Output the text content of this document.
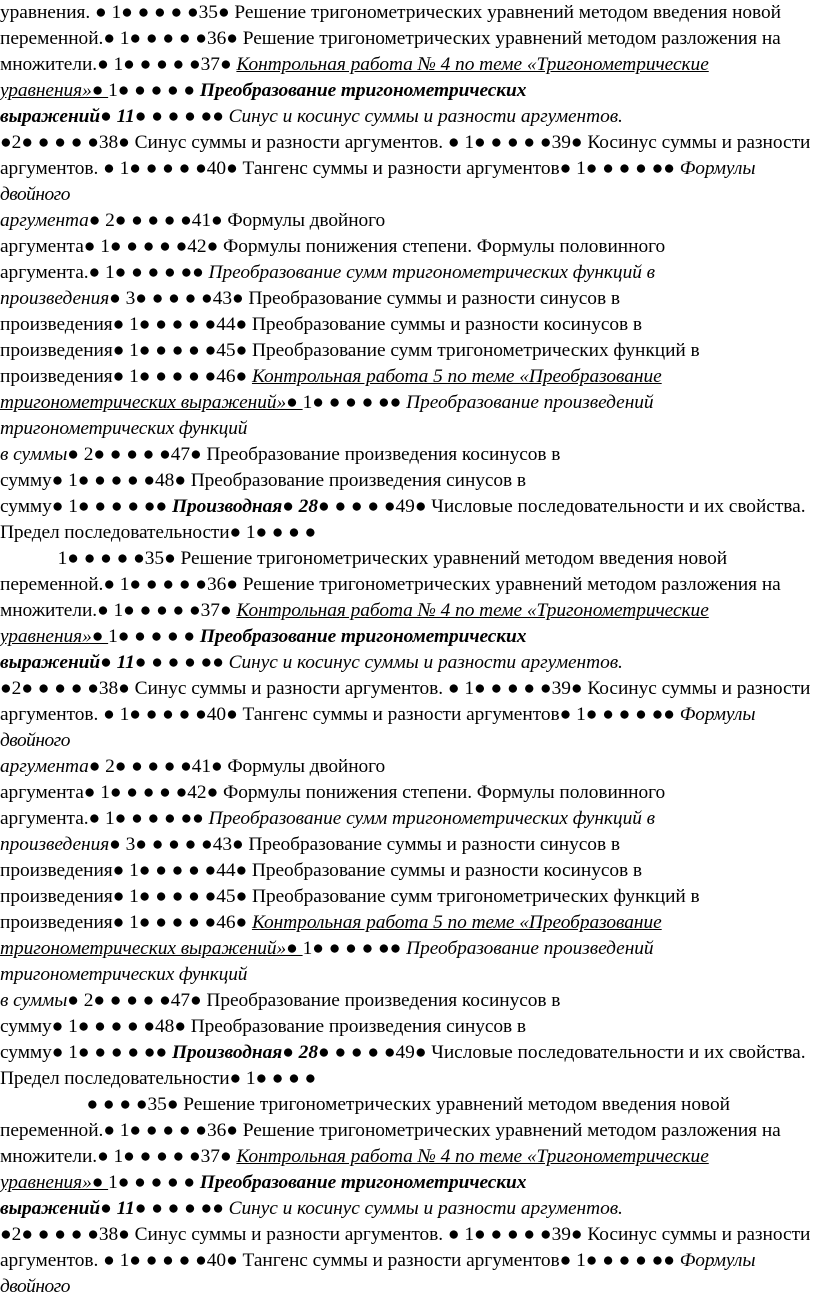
уравнения. ● 1● ● ● ● ●35● Решение тригонометрических уравнений методом введения новой
переменной.● 1● ● ● ● ●36● Решение тригонометрических уравнений методом разложения на
множители.● 1● ● ● ● ●37● Контрольная работа № 4 по теме «Тригонометрические
уравнения»● 1● ● ● ● ● Преобразование тригонометрических
выражений● 11● ● ● ● ●● Синус и косинус суммы и разности аргументов.
●2● ● ● ● ●38● Синус суммы и разности аргументов. ● 1● ● ● ● ●39● Косинус суммы и разности
аргументов. ● 1● ● ● ● ●40● Тангенс суммы и разности аргументов● 1● ● ● ● ●● Формулы
двойного
аргумента● 2● ● ● ● ●41● Формулы двойного
аргумента● 1● ● ● ● ●42● Формулы понижения степени. Формулы половинного
аргумента.● 1● ● ● ● ●● Преобразование сумм тригонометрических функций в
произведения● 3● ● ● ● ●43● Преобразование суммы и разности синусов в
произведения● 1● ● ● ● ●44● Преобразование суммы и разности косинусов в
произведения● 1● ● ● ● ●45● Преобразование сумм тригонометрических функций в
произведения● 1● ● ● ● ●46● Контрольная работа 5 по теме «Преобразование
тригонометрических выражений»● 1● ● ● ● ●● Преобразование произведений
тригонометрических функций
в суммы● 2● ● ● ● ●47● Преобразование произведения косинусов в
сумму● 1● ● ● ● ●48● Преобразование произведения синусов в
сумму● 1● ● ● ● ●● Производная● 28● ● ● ● ●49● Числовые последовательности и их свойства.
Предел последовательности● 1● ● ● ●
1● ● ● ● ●35● Решение тригонометрических уравнений методом введения новой
переменной.● 1● ● ● ● ●36● Решение тригонометрических уравнений методом разложения на
множители.● 1● ● ● ● ●37● Контрольная работа № 4 по теме «Тригонометрические
уравнения»● 1● ● ● ● ● Преобразование тригонометрических
выражений● 11● ● ● ● ●● Синус и косинус суммы и разности аргументов.
●2● ● ● ● ●38● Синус суммы и разности аргументов. ● 1● ● ● ● ●39● Косинус суммы и разности
аргументов. ● 1● ● ● ● ●40● Тангенс суммы и разности аргументов● 1● ● ● ● ●● Формулы
двойного
аргумента● 2● ● ● ● ●41● Формулы двойного
аргумента● 1● ● ● ● ●42● Формулы понижения степени. Формулы половинного
аргумента.● 1● ● ● ● ●● Преобразование сумм тригонометрических функций в
произведения● 3● ● ● ● ●43● Преобразование суммы и разности синусов в
произведения● 1● ● ● ● ●44● Преобразование суммы и разности косинусов в
произведения● 1● ● ● ● ●45● Преобразование сумм тригонометрических функций в
произведения● 1● ● ● ● ●46● Контрольная работа 5 по теме «Преобразование
тригонометрических выражений»● 1● ● ● ● ●● Преобразование произведений
тригонометрических функций
в суммы● 2● ● ● ● ●47● Преобразование произведения косинусов в
сумму● 1● ● ● ● ●48● Преобразование произведения синусов в
сумму● 1● ● ● ● ●● Производная● 28● ● ● ● ●49● Числовые последовательности и их свойства.
Предел последовательности● 1● ● ● ●
● ● ● ●35● Решение тригонометрических уравнений методом введения новой
переменной.● 1● ● ● ● ●36● Решение тригонометрических уравнений методом разложения на
множители.● 1● ● ● ● ●37● Контрольная работа № 4 по теме «Тригонометрические
уравнения»● 1● ● ● ● ● Преобразование тригонометрических
выражений● 11● ● ● ● ●● Синус и косинус суммы и разности аргументов.
●2● ● ● ● ●38● Синус суммы и разности аргументов. ● 1● ● ● ● ●39● Косинус суммы и разности
аргументов. ● 1● ● ● ● ●40● Тангенс суммы и разности аргументов● 1● ● ● ● ●● Формулы
двойного
